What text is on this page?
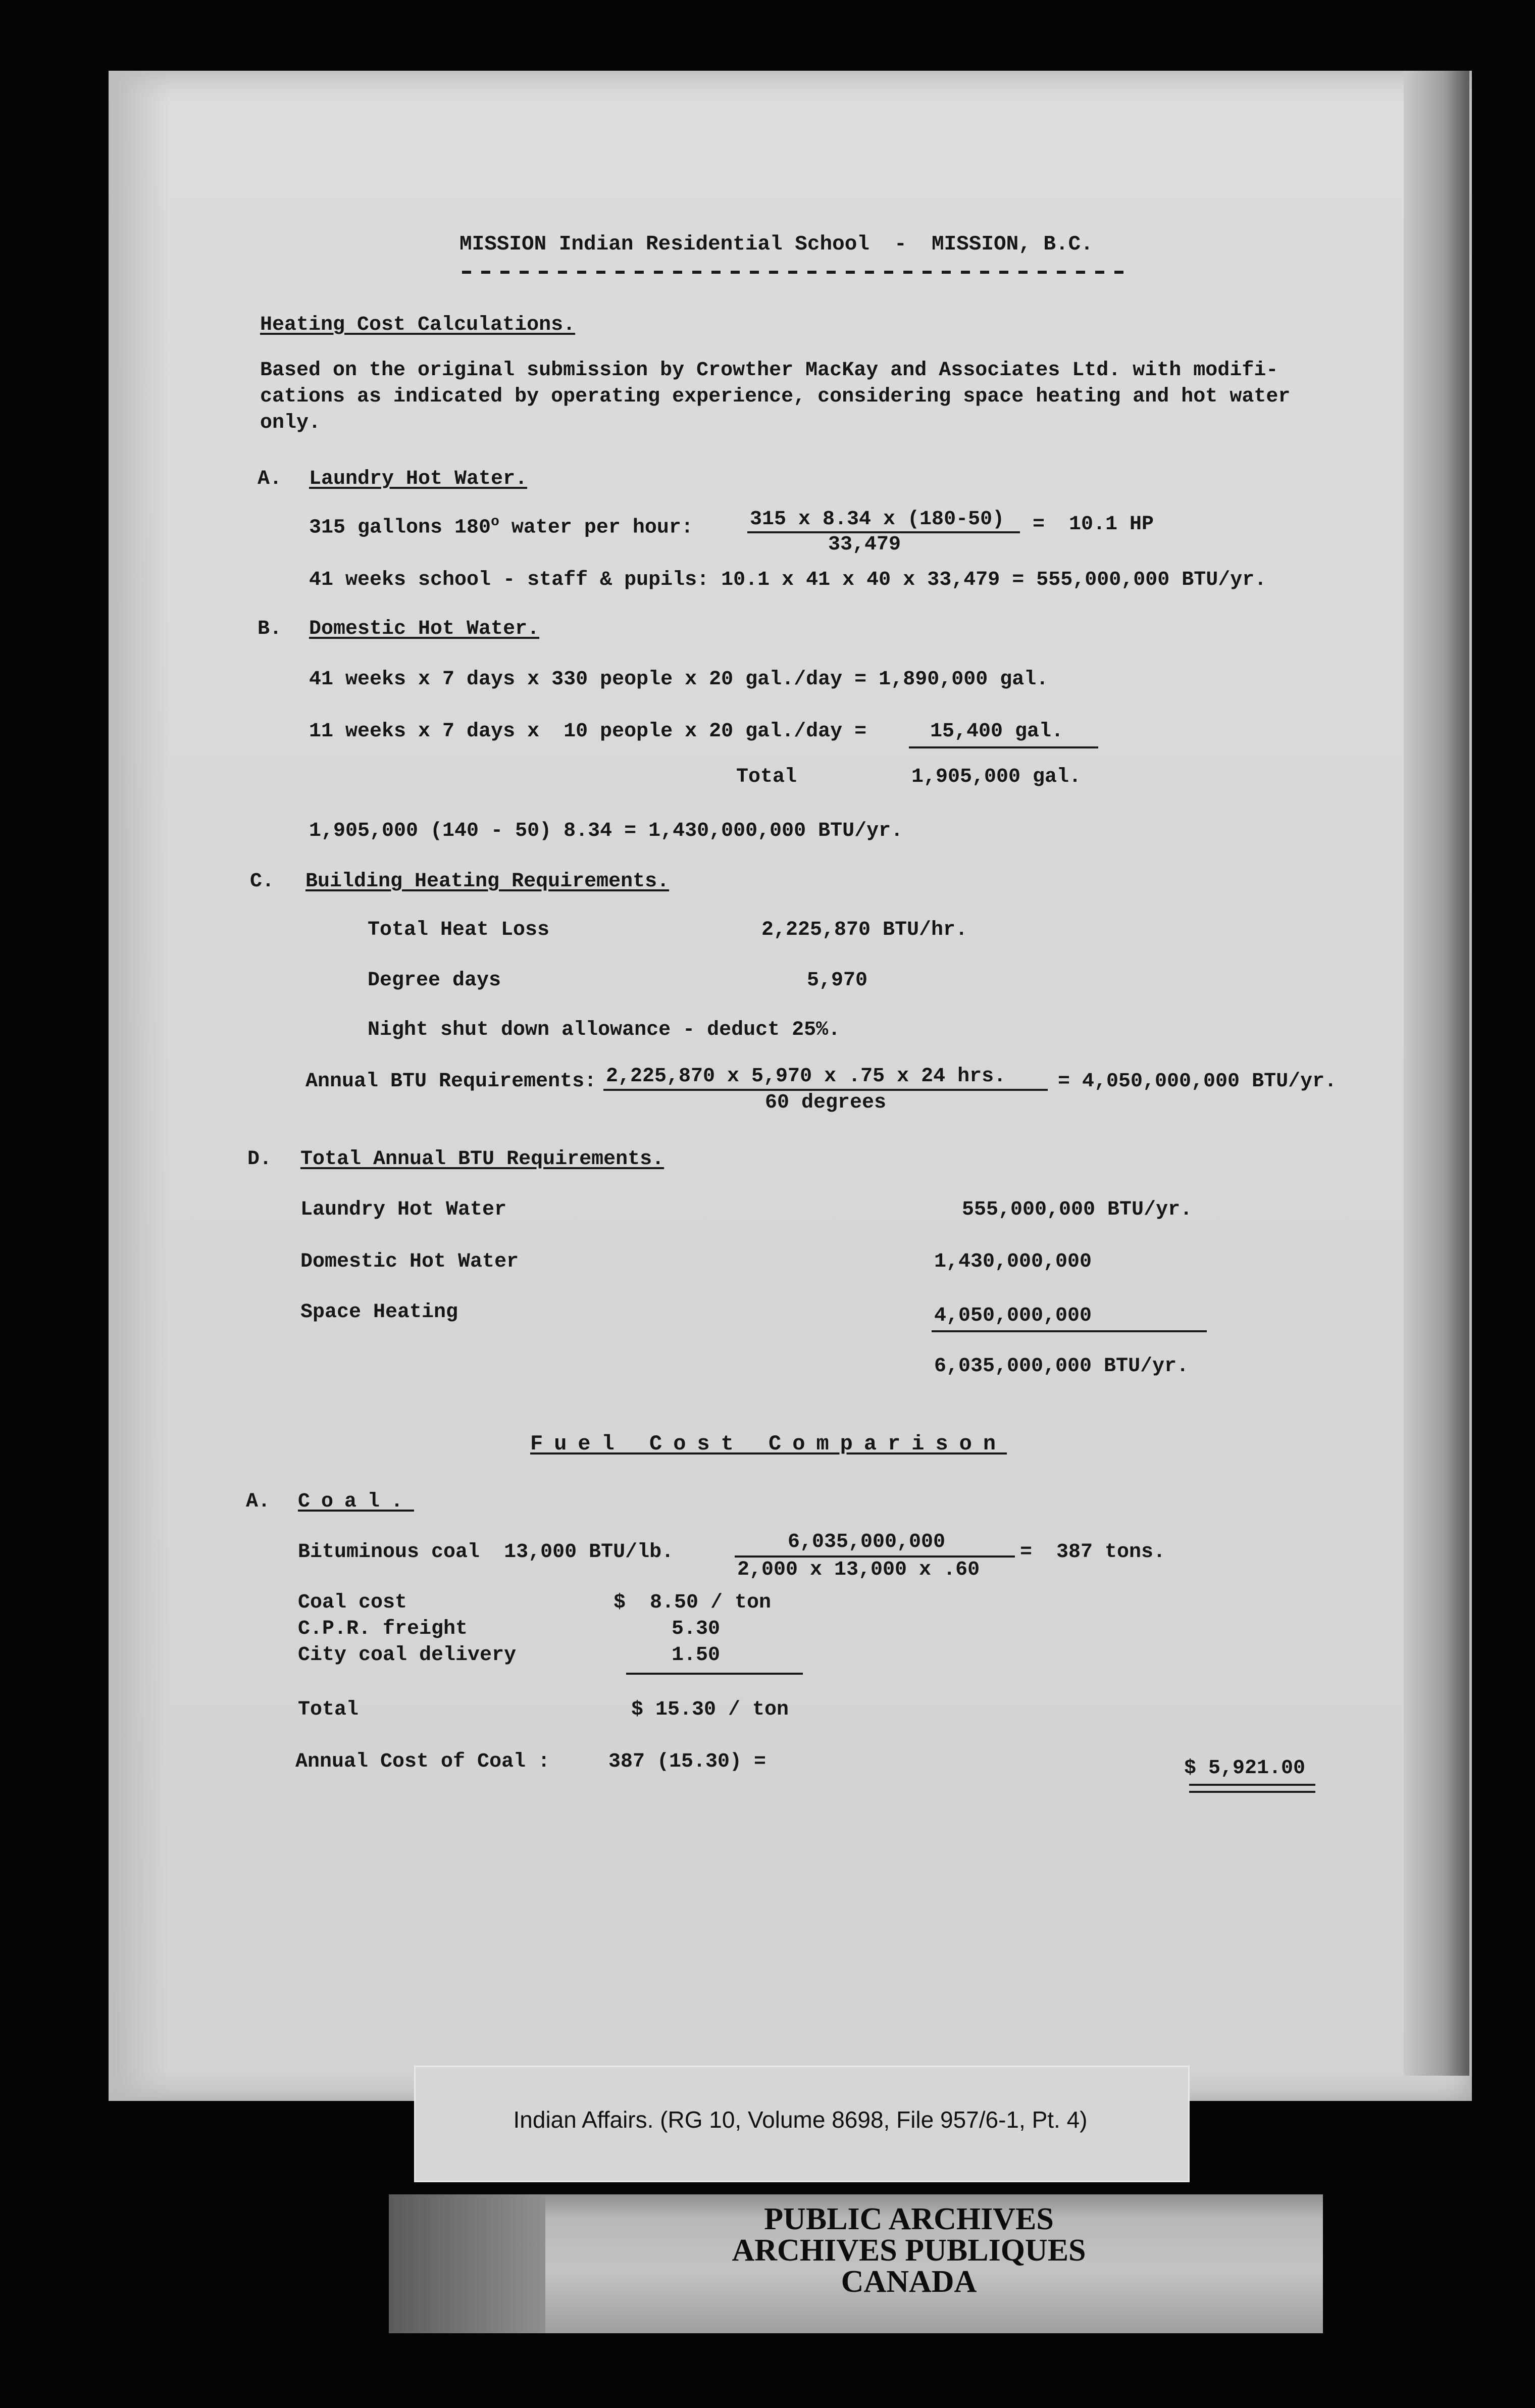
MISSION Indian Residential School  -  MISSION, B.C.
Heating Cost Calculations.
Based on the original submission by Crowther MacKay and Associates Ltd. with modifi-
cations as indicated by operating experience, considering space heating and hot water
only.
A. Laundry Hot Water.
315 gallons 180$^o$ water per hour:	315 x 8.34 x (180-50)
33,479
=  10.1 HP
41 weeks school - staff & pupils: 10.1 x 41 x 40 x 33,479 = 555,000,000 BTU/yr.
B. Domestic Hot Water.
41 weeks x 7 days x 330 people x 20 gal./day = 1,890,000 gal.
11 weeks x 7 days x  10 people x 20 gal./day =	15,400 gal.
Total	1,905,000 gal.
1,905,000 (140 - 50) 8.34 = 1,430,000,000 BTU/yr.
C. Building Heating Requirements.
Total Heat Loss	2,225,870 BTU/hr.
Degree days	5,970
Night shut down allowance - deduct 25%.
Annual BTU Requirements: 2,225,870 x 5,970 x .75 x 24 hrs.
60 degrees
= 4,050,000,000 BTU/yr.
D. Total Annual BTU Requirements.
Laundry Hot Water	555,000,000 BTU/yr.
Domestic Hot Water	1,430,000,000
Space Heating	4,050,000,000
6,035,000,000 BTU/yr.
Fuel Cost Comparison
A. Coal.
Bituminous coal  13,000 BTU/lb.	6,035,000,000
2,000 x 13,000 x .60
=  387 tons.
Coal cost	$  8.50 / ton
C.P.R. freight	5.30
City coal delivery	1.50
Total	$ 15.30 / ton
Annual Cost of Coal :	387 (15.30) =	$ 5,921.00
Indian Affairs. (RG 10, Volume 8698, File 957/6-1, Pt. 4)
PUBLIC ARCHIVES
ARCHIVES PUBLIQUES
CANADA
